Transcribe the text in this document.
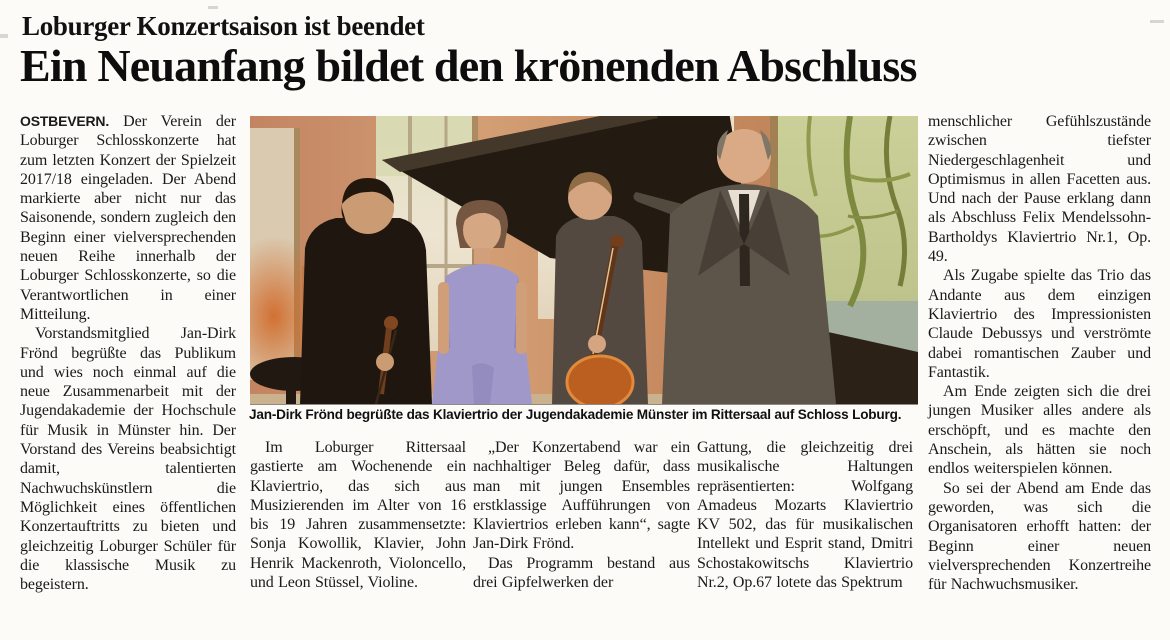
Loburger Konzertsaison ist beendet
Ein Neuanfang bildet den krönenden Abschluss

OSTBEVERN. Der Verein der Loburger Schlosskonzerte hat zum letzten Konzert der Spielzeit 2017/18 eingeladen. Der Abend markierte aber nicht nur das Saisonende, sondern zugleich den Beginn einer vielversprechenden neuen Reihe innerhalb der Loburger Schlosskonzerte, so die Verantwortlichen in einer Mitteilung.

Vorstandsmitglied Jan-Dirk Frönd begrüßte das Publikum und wies noch einmal auf die neue Zusammenarbeit mit der Jugendakademie der Hochschule für Musik in Münster hin. Der Vorstand des Vereins beabsichtigt damit, talentierten Nachwuchskünstlern die Möglichkeit eines öffentlichen Konzertauftritts zu bieten und gleichzeitig Loburger Schüler für die klassische Musik zu begeistern.

Jan-Dirk Frönd begrüßte das Klaviertrio der Jugendakademie Münster im Rittersaal auf Schloss Loburg.

Im Loburger Rittersaal gastierte am Wochenende ein Klaviertrio, das sich aus Musizierenden im Alter von 16 bis 19 Jahren zusammensetzte: Sonja Kowollik, Klavier, John Henrik Mackenroth, Violoncello, und Leon Stüssel, Violine.

„Der Konzertabend war ein nachhaltiger Beleg dafür, dass man mit jungen Ensembles erstklassige Aufführungen von Klaviertrios erleben kann“, sagte Jan-Dirk Frönd.

Das Programm bestand aus drei Gipfelwerken der

Gattung, die gleichzeitig drei musikalische Haltungen repräsentierten: Wolfgang Amadeus Mozarts Klaviertrio KV 502, das für musikalischen Intellekt und Esprit stand, Dmitri Schostakowitschs Klaviertrio Nr.2, Op.67 lotete das Spektrum

menschlicher Gefühlszustände zwischen tiefster Niedergeschlagenheit und Optimismus in allen Facetten aus. Und nach der Pause erklang dann als Abschluss Felix Mendelssohn-Bartholdys Klaviertrio Nr.1, Op. 49.

Als Zugabe spielte das Trio das Andante aus dem einzigen Klaviertrio des Impressionisten Claude Debussys und verströmte dabei romantischen Zauber und Fantastik.

Am Ende zeigten sich die drei jungen Musiker alles andere als erschöpft, und es machte den Anschein, als hätten sie noch endlos weiterspielen können.

So sei der Abend am Ende das geworden, was sich die Organisatoren erhofft hatten: der Beginn einer neuen vielversprechenden Konzertreihe für Nachwuchsmusiker.
